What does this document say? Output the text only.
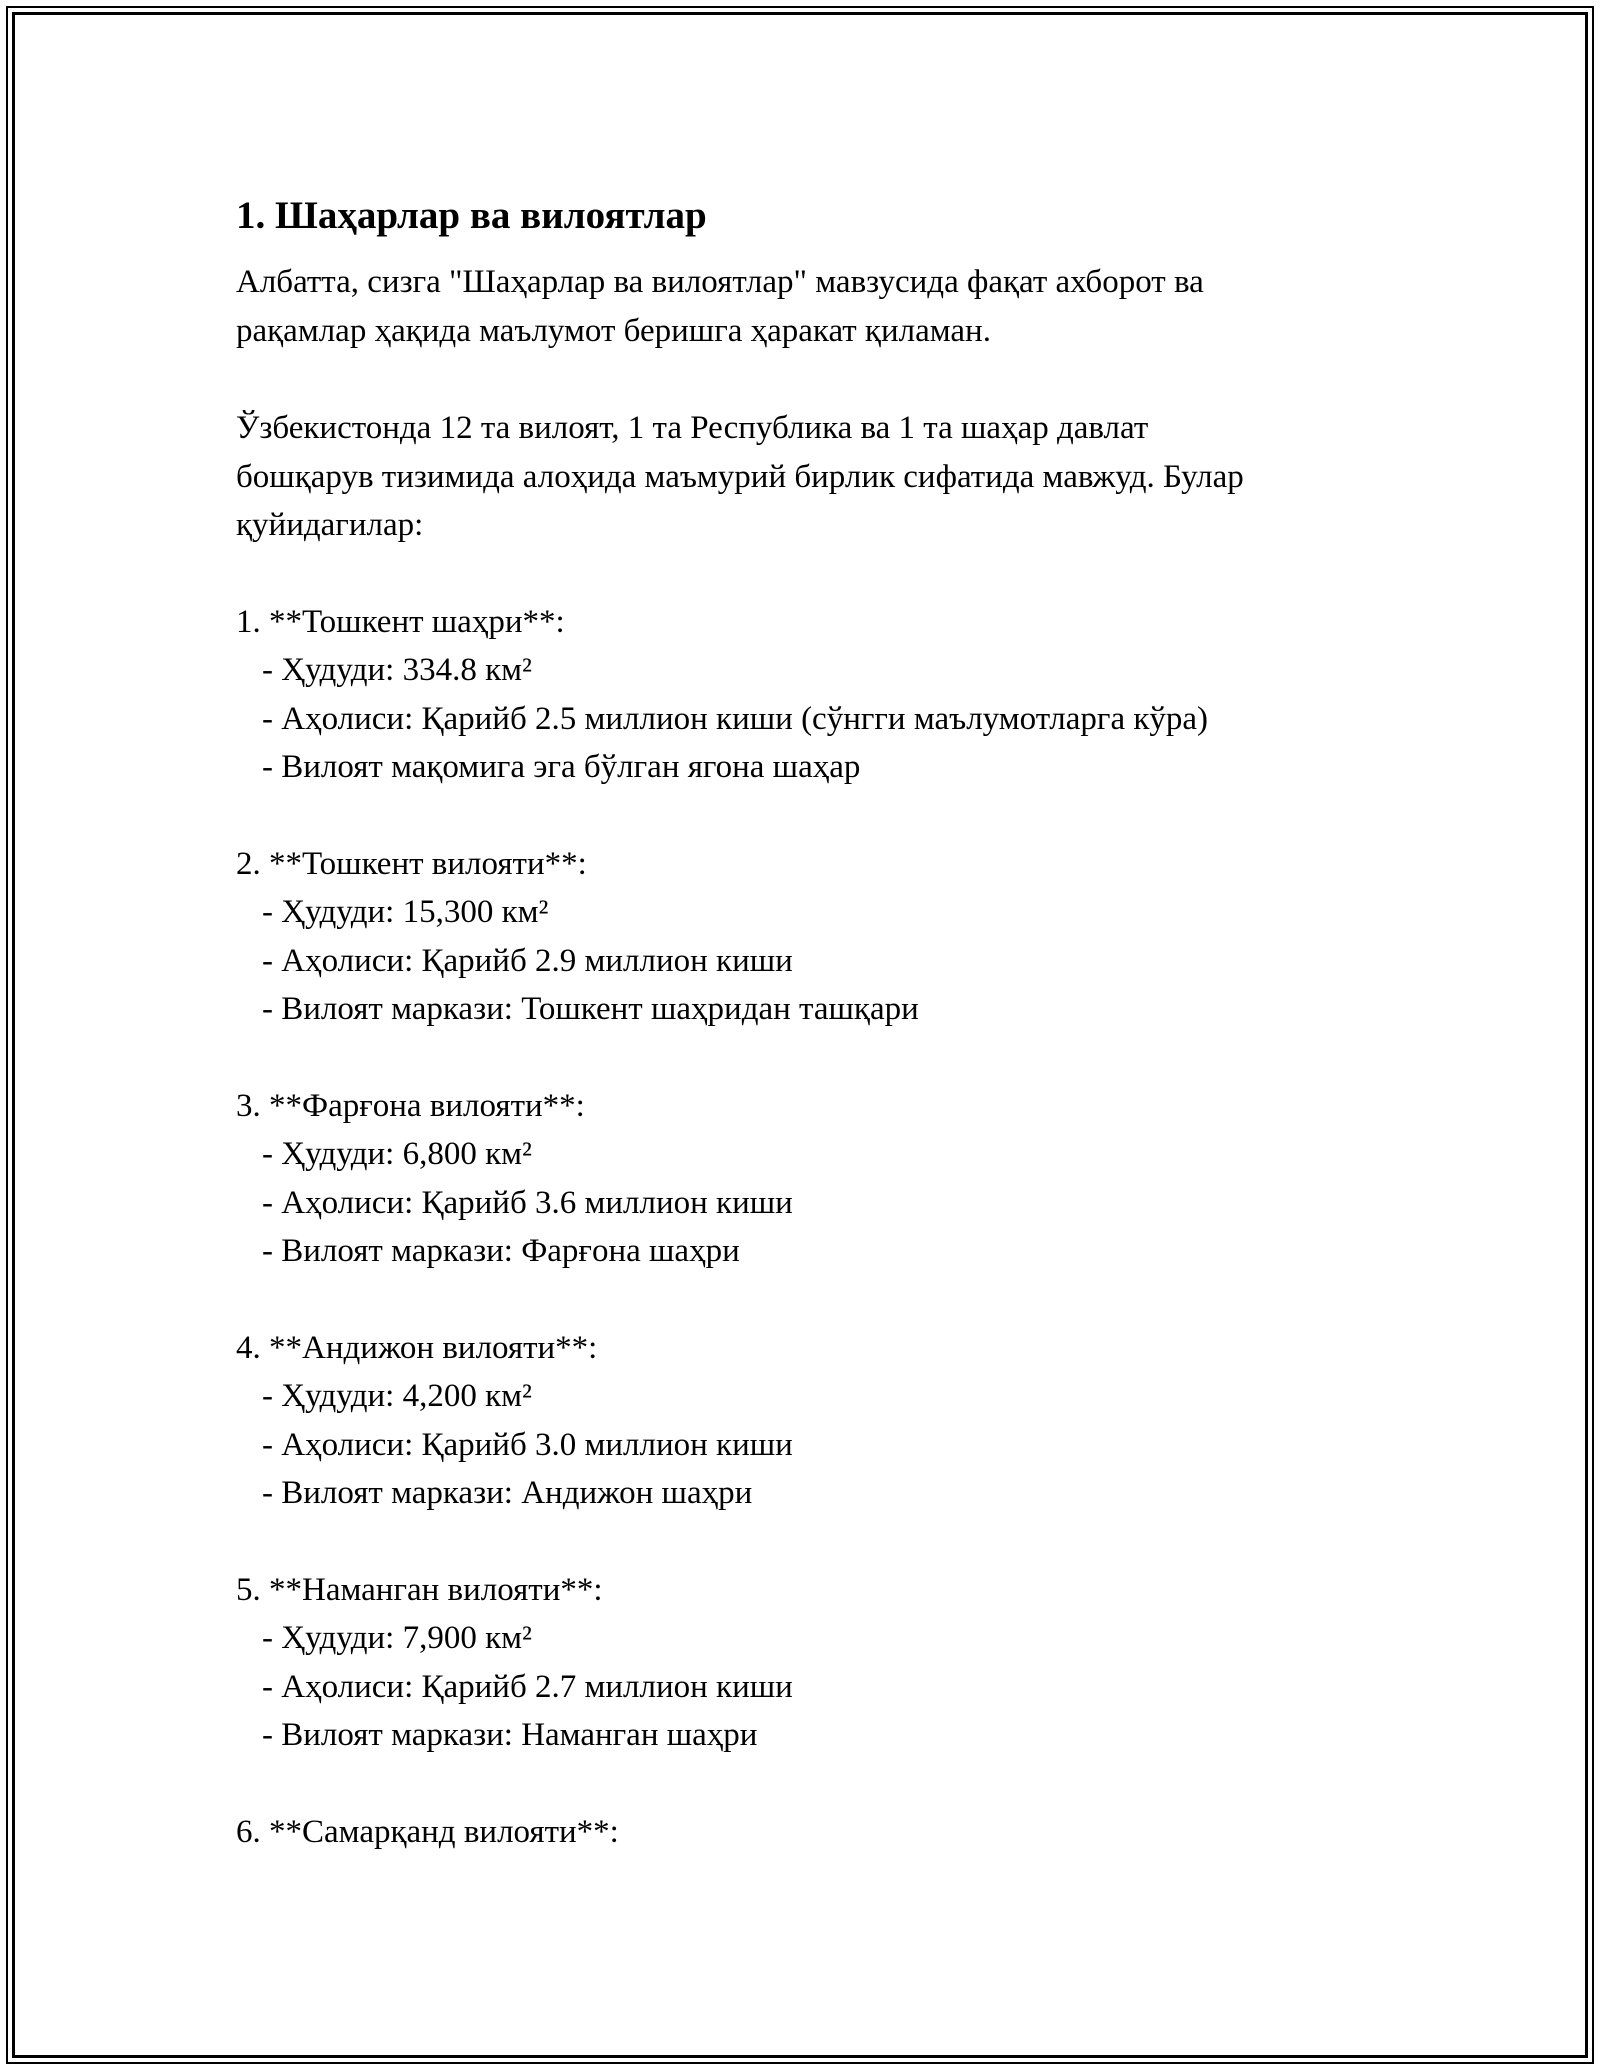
1. Шаҳарлар ва вилоятлар

Албатта, сизга "Шаҳарлар ва вилоятлар" мавзусида фақат ахборот ва
рақамлар ҳақида маълумот беришга ҳаракат қиламан.

Ўзбекистонда 12 та вилоят, 1 та Республика ва 1 та шаҳар давлат
бошқарув тизимида алоҳида маъмурий бирлик сифатида мавжуд. Булар
қуйидагилар:

1. **Тошкент шаҳри**:
- Ҳудуди: 334.8 км²
- Аҳолиси: Қарийб 2.5 миллион киши (сўнгги маълумотларга кўра)
- Вилоят мақомига эга бўлган ягона шаҳар
2. **Тошкент вилояти**:
- Ҳудуди: 15,300 км²
- Аҳолиси: Қарийб 2.9 миллион киши
- Вилоят маркази: Тошкент шаҳридан ташқари
3. **Фарғона вилояти**:
- Ҳудуди: 6,800 км²
- Аҳолиси: Қарийб 3.6 миллион киши
- Вилоят маркази: Фарғона шаҳри
4. **Андижон вилояти**:
- Ҳудуди: 4,200 км²
- Аҳолиси: Қарийб 3.0 миллион киши
- Вилоят маркази: Андижон шаҳри
5. **Наманган вилояти**:
- Ҳудуди: 7,900 км²
- Аҳолиси: Қарийб 2.7 миллион киши
- Вилоят маркази: Наманган шаҳри
6. **Самарқанд вилояти**:
